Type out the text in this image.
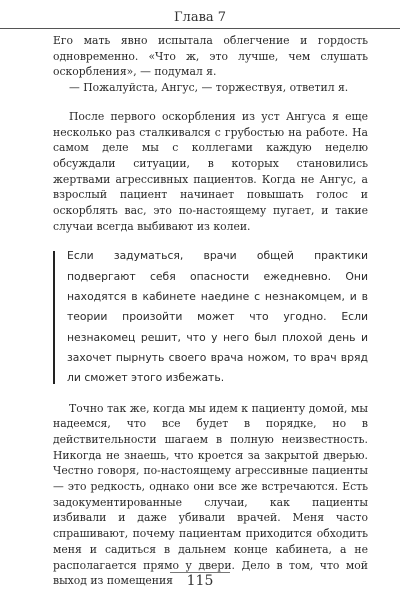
Глава 7

Его мать явно испытала облегчение и гордость одновременно. «Что ж, это лучше, чем слушать оскорбления», — подумал я.

— Пожалуйста, Ангус, — торжествуя, ответил я.

После первого оскорбления из уст Ангуса я еще несколько раз сталкивался с грубостью на работе. На самом деле мы с коллегами каждую неделю обсуждали ситуации, в которых становились жертвами агрессивных пациентов. Когда не Ангус, а взрослый пациент начинает повышать голос и оскорблять вас, это по-настоящему пугает, и такие случаи всегда выбивают из колеи.

Если задуматься, врачи общей практики подвергают себя опасности ежедневно. Они находятся в кабинете наедине с незнакомцем, и в теории произойти может что угодно. Если незнакомец решит, что у него был плохой день и захочет пырнуть своего врача ножом, то врач вряд ли сможет этого избежать.

Точно так же, когда мы идем к пациенту домой, мы надеемся, что все будет в порядке, но в действительности шагаем в полную неизвестность. Никогда не знаешь, что кроется за закрытой дверью. Честно говоря, по-настоящему агрессивные пациенты — это редкость, однако они все же встречаются. Есть задокументированные случаи, как пациенты избивали и даже убивали врачей. Меня часто спрашивают, почему пациентам приходится обходить меня и садиться в дальнем конце кабинета, а не располагается прямо у двери. Дело в том, что мой выход из помещения 115
